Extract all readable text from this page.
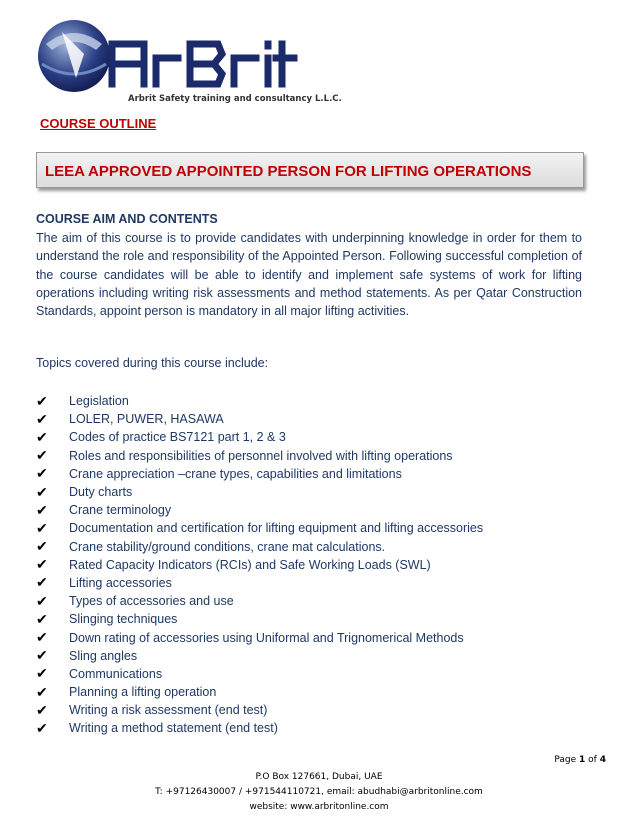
Arbrit Safety training and consultancy L.L.C.
COURSE OUTLINE
LEEA APPROVED APPOINTED PERSON FOR LIFTING OPERATIONS
COURSE AIM AND CONTENTS

The aim of this course is to provide candidates with underpinning knowledge in order for them to understand the role and responsibility of the Appointed Person. Following successful completion of the course candidates will be able to identify and implement safe systems of work for lifting operations including writing risk assessments and method statements. As per Qatar Construction Standards, appoint person is mandatory in all major lifting activities.

Topics covered during this course include:
✔	Legislation
✔	LOLER, PUWER, HASAWA
✔	Codes of practice BS7121 part 1, 2 & 3
✔	Roles and responsibilities of personnel involved with lifting operations
✔	Crane appreciation –crane types, capabilities and limitations
✔	Duty charts
✔	Crane terminology
✔	Documentation and certification for lifting equipment and lifting accessories
✔	Crane stability/ground conditions, crane mat calculations.
✔	Rated Capacity Indicators (RCIs) and Safe Working Loads (SWL)
✔	Lifting accessories
✔	Types of accessories and use
✔	Slinging techniques
✔	Down rating of accessories using Uniformal and Trignomerical Methods
✔	Sling angles
✔	Communications
✔	Planning a lifting operation
✔	Writing a risk assessment (end test)
✔	Writing a method statement (end test)
Page 1 of 4
P.O Box 127661, Dubai, UAE
T: +97126430007 / +971544110721, email: abudhabi@arbritonline.com
website: www.arbritonline.com
